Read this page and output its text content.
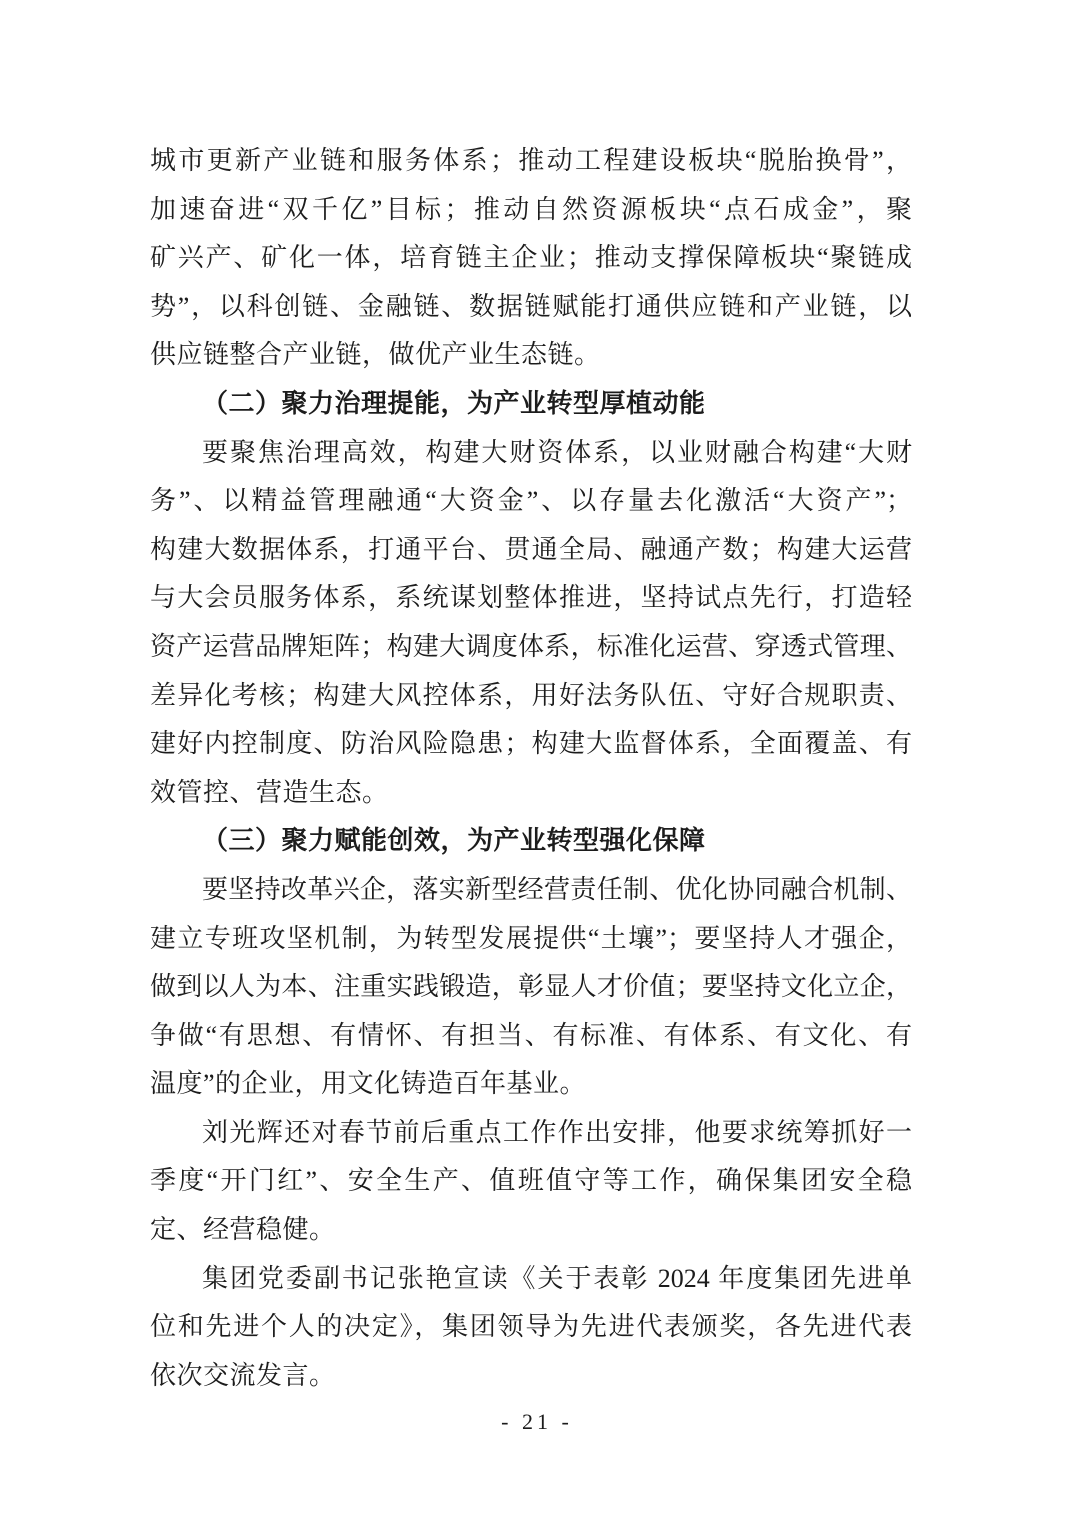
城市更新产业链和服务体系；推动工程建设板块“脱胎换骨”，
加速奋进“双千亿”目标；推动自然资源板块“点石成金”，聚
矿兴产、矿化一体，培育链主企业；推动支撑保障板块“聚链成
势”，以科创链、金融链、数据链赋能打通供应链和产业链，以
供应链整合产业链，做优产业生态链。
（二）聚力治理提能，为产业转型厚植动能
要聚焦治理高效，构建大财资体系，以业财融合构建“大财
务”、以精益管理融通“大资金”、以存量去化激活“大资产”；
构建大数据体系，打通平台、贯通全局、融通产数；构建大运营
与大会员服务体系，系统谋划整体推进，坚持试点先行，打造轻
资产运营品牌矩阵；构建大调度体系，标准化运营、穿透式管理、
差异化考核；构建大风控体系，用好法务队伍、守好合规职责、
建好内控制度、防治风险隐患；构建大监督体系，全面覆盖、有
效管控、营造生态。
（三）聚力赋能创效，为产业转型强化保障
要坚持改革兴企，落实新型经营责任制、优化协同融合机制、
建立专班攻坚机制，为转型发展提供“土壤”；要坚持人才强企，
做到以人为本、注重实践锻造，彰显人才价值；要坚持文化立企，
争做“有思想、有情怀、有担当、有标准、有体系、有文化、有
温度”的企业，用文化铸造百年基业。
刘光辉还对春节前后重点工作作出安排，他要求统筹抓好一
季度“开门红”、安全生产、值班值守等工作，确保集团安全稳
定、经营稳健。
集团党委副书记张艳宣读《关于表彰 2024 年度集团先进单
位和先进个人的决定》，集团领导为先进代表颁奖，各先进代表
依次交流发言。
- 21 -
